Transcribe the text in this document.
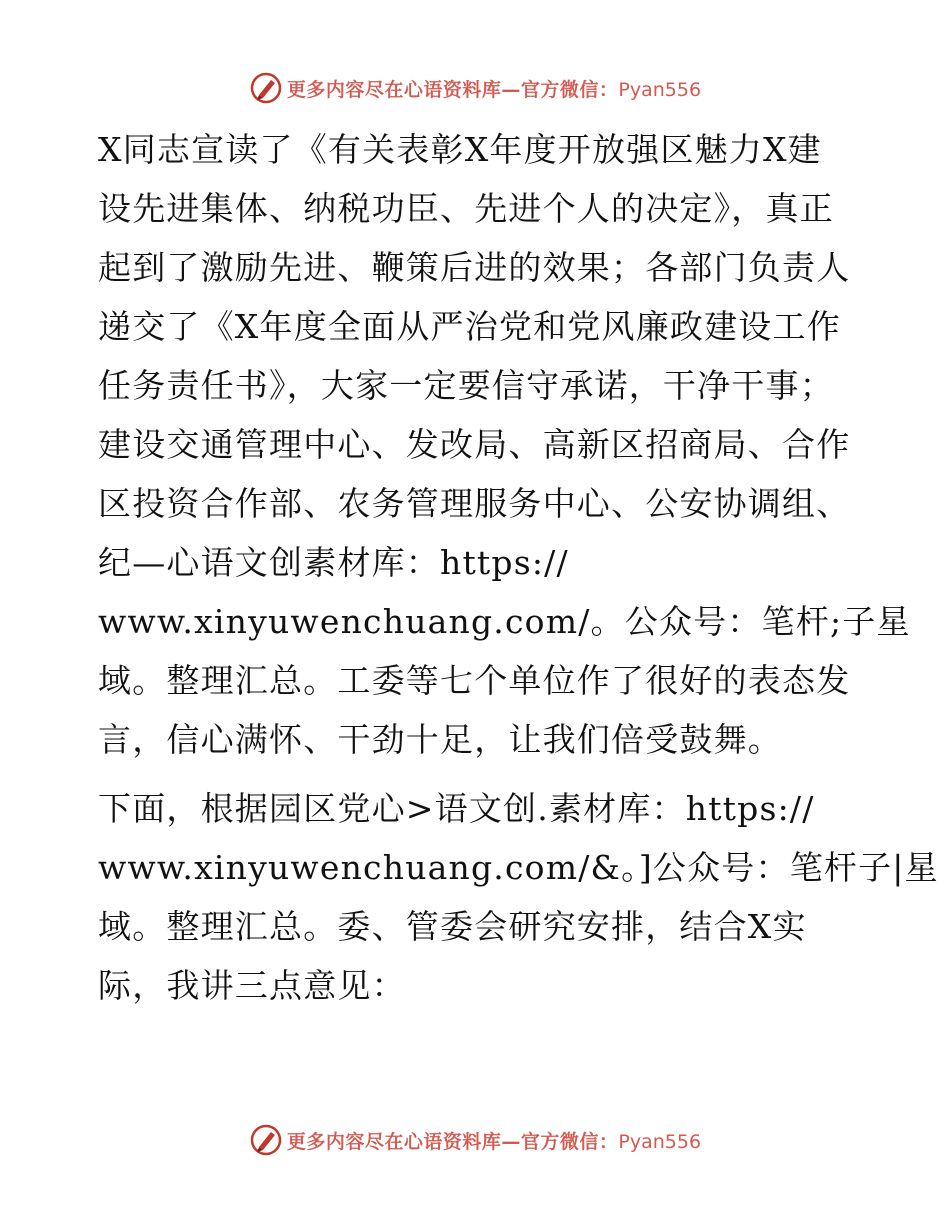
更多内容尽在心语资料库—官方微信：Pyan556
X同志宣读了《有关表彰X年度开放强区魅力X建
设先进集体、纳税功臣、先进个人的决定》，真正
起到了激励先进、鞭策后进的效果；各部门负责人
递交了《X年度全面从严治党和党风廉政建设工作
任务责任书》，大家一定要信守承诺，干净干事；
建设交通管理中心、发改局、高新区招商局、合作
区投资合作部、农务管理服务中心、公安协调组、
纪—心语文创素材库：https://
www.xinyuwenchuang.com/。公众号：笔杆;子星
域。整理汇总。工委等七个单位作了很好的表态发
言，信心满怀、干劲十足，让我们倍受鼓舞。
下面，根据园区党心>语文创.素材库：https://
www.xinyuwenchuang.com/&。]公众号：笔杆子|星
域。整理汇总。委、管委会研究安排，结合X实
际，我讲三点意见：
更多内容尽在心语资料库—官方微信：Pyan556
